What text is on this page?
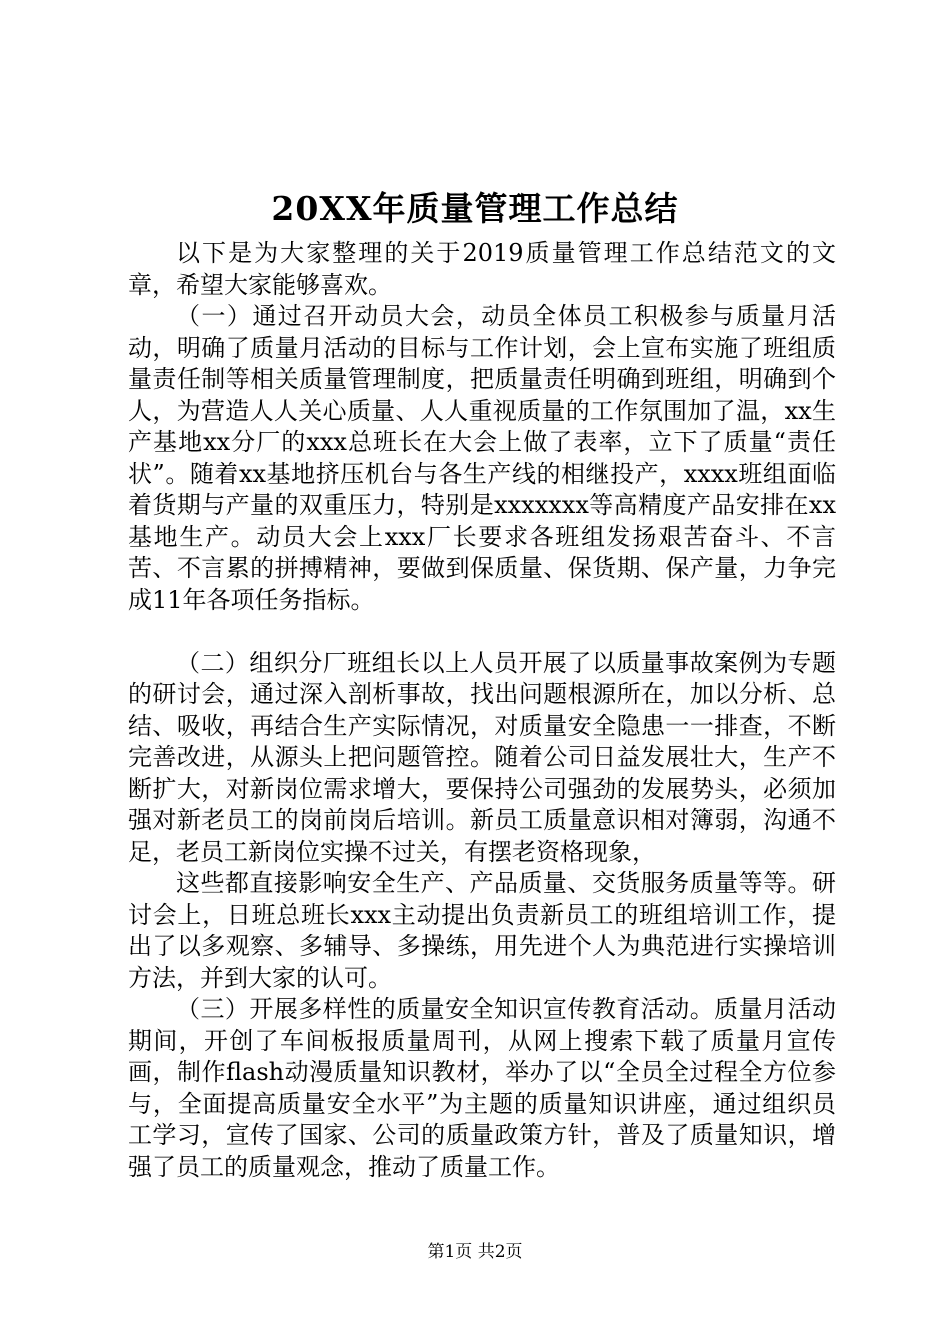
20XX年质量管理工作总结

以下是为大家整理的关于2019质量管理工作总结范文的文章，希望大家能够喜欢。

（一）通过召开动员大会，动员全体员工积极参与质量月活动，明确了质量月活动的目标与工作计划，会上宣布实施了班组质量责任制等相关质量管理制度，把质量责任明确到班组，明确到个人，为营造人人关心质量、人人重视质量的工作氛围加了温，xx生产基地xx分厂的xxx总班长在大会上做了表率，立下了质量“责任状”。随着xx基地挤压机台与各生产线的相继投产，xxxx班组面临着货期与产量的双重压力，特别是xxxxxxx等高精度产品安排在xx基地生产。动员大会上xxx厂长要求各班组发扬艰苦奋斗、不言苦、不言累的拼搏精神，要做到保质量、保货期、保产量，力争完成11年各项任务指标。

（二）组织分厂班组长以上人员开展了以质量事故案例为专题的研讨会，通过深入剖析事故，找出问题根源所在，加以分析、总结、吸收，再结合生产实际情况，对质量安全隐患一一排查，不断完善改进，从源头上把问题管控。随着公司日益发展壮大，生产不断扩大，对新岗位需求增大，要保持公司强劲的发展势头，必须加强对新老员工的岗前岗后培训。新员工质量意识相对簿弱，沟通不足，老员工新岗位实操不过关，有摆老资格现象，

这些都直接影响安全生产、产品质量、交货服务质量等等。研讨会上，日班总班长xxx主动提出负责新员工的班组培训工作，提出了以多观察、多辅导、多操练，用先进个人为典范进行实操培训方法，并到大家的认可。

（三）开展多样性的质量安全知识宣传教育活动。质量月活动期间，开创了车间板报质量周刊，从网上搜索下载了质量月宣传画，制作flash动漫质量知识教材，举办了以“全员全过程全方位参与，全面提高质量安全水平”为主题的质量知识讲座，通过组织员工学习，宣传了国家、公司的质量政策方针，普及了质量知识，增强了员工的质量观念，推动了质量工作。

第1页 共2页
